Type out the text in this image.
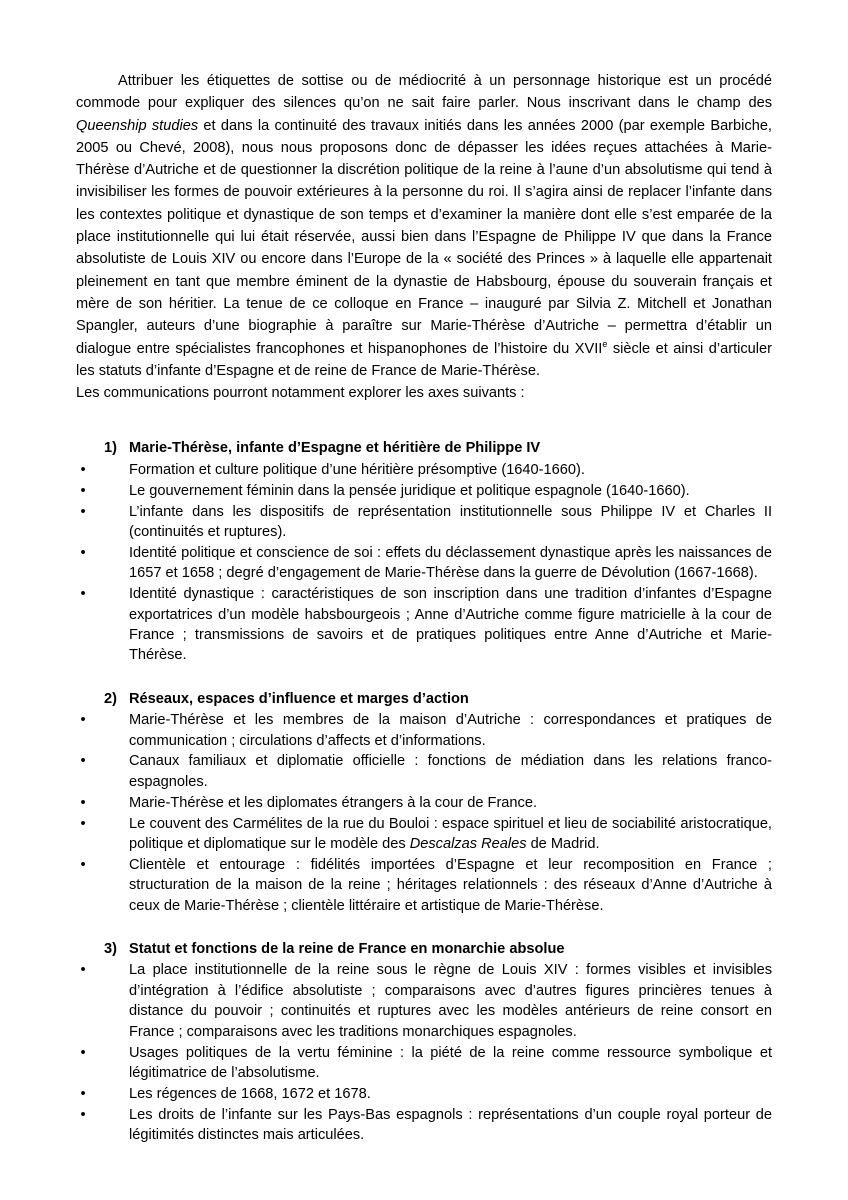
Attribuer les étiquettes de sottise ou de médiocrité à un personnage historique est un procédé commode pour expliquer des silences qu’on ne sait faire parler. Nous inscrivant dans le champ des Queenship studies et dans la continuité des travaux initiés dans les années 2000 (par exemple Barbiche, 2005 ou Chevé, 2008), nous nous proposons donc de dépasser les idées reçues attachées à Marie-Thérèse d’Autriche et de questionner la discrétion politique de la reine à l’aune d’un absolutisme qui tend à invisibiliser les formes de pouvoir extérieures à la personne du roi. Il s’agira ainsi de replacer l’infante dans les contextes politique et dynastique de son temps et d’examiner la manière dont elle s’est emparée de la place institutionnelle qui lui était réservée, aussi bien dans l’Espagne de Philippe IV que dans la France absolutiste de Louis XIV ou encore dans l’Europe de la « société des Princes » à laquelle elle appartenait pleinement en tant que membre éminent de la dynastie de Habsbourg, épouse du souverain français et mère de son héritier. La tenue de ce colloque en France – inauguré par Silvia Z. Mitchell et Jonathan Spangler, auteurs d’une biographie à paraître sur Marie-Thérèse d’Autriche – permettra d’établir un dialogue entre spécialistes francophones et hispanophones de l’histoire du XVIIe siècle et ainsi d’articuler les statuts d’infante d’Espagne et de reine de France de Marie-Thérèse.

Les communications pourront notamment explorer les axes suivants :

1) Marie-Thérèse, infante d’Espagne et héritière de Philippe IV
•	Formation et culture politique d’une héritière présomptive (1640-1660).
•	Le gouvernement féminin dans la pensée juridique et politique espagnole (1640-1660).
•	L’infante dans les dispositifs de représentation institutionnelle sous Philippe IV et Charles II (continuités et ruptures).
•	Identité politique et conscience de soi : effets du déclassement dynastique après les naissances de 1657 et 1658 ; degré d’engagement de Marie-Thérèse dans la guerre de Dévolution (1667-1668).
•	Identité dynastique : caractéristiques de son inscription dans une tradition d’infantes d’Espagne exportatrices d’un modèle habsbourgeois ; Anne d’Autriche comme figure matricielle à la cour de France ; transmissions de savoirs et de pratiques politiques entre Anne d’Autriche et Marie-Thérèse.
2) Réseaux, espaces d’influence et marges d’action
•	Marie-Thérèse et les membres de la maison d’Autriche : correspondances et pratiques de communication ; circulations d’affects et d’informations.
•	Canaux familiaux et diplomatie officielle : fonctions de médiation dans les relations franco-espagnoles.
•	Marie-Thérèse et les diplomates étrangers à la cour de France.
•	Le couvent des Carmélites de la rue du Bouloi : espace spirituel et lieu de sociabilité aristocratique, politique et diplomatique sur le modèle des Descalzas Reales de Madrid.
•	Clientèle et entourage : fidélités importées d’Espagne et leur recomposition en France ; structuration de la maison de la reine ; héritages relationnels : des réseaux d’Anne d’Autriche à ceux de Marie-Thérèse ; clientèle littéraire et artistique de Marie-Thérèse.
3) Statut et fonctions de la reine de France en monarchie absolue
•	La place institutionnelle de la reine sous le règne de Louis XIV : formes visibles et invisibles d’intégration à l’édifice absolutiste ; comparaisons avec d’autres figures princières tenues à distance du pouvoir ; continuités et ruptures avec les modèles antérieurs de reine consort en France ; comparaisons avec les traditions monarchiques espagnoles.
•	Usages politiques de la vertu féminine : la piété de la reine comme ressource symbolique et légitimatrice de l’absolutisme.
•	Les régences de 1668, 1672 et 1678.
•	Les droits de l’infante sur les Pays-Bas espagnols : représentations d’un couple royal porteur de légitimités distinctes mais articulées.
